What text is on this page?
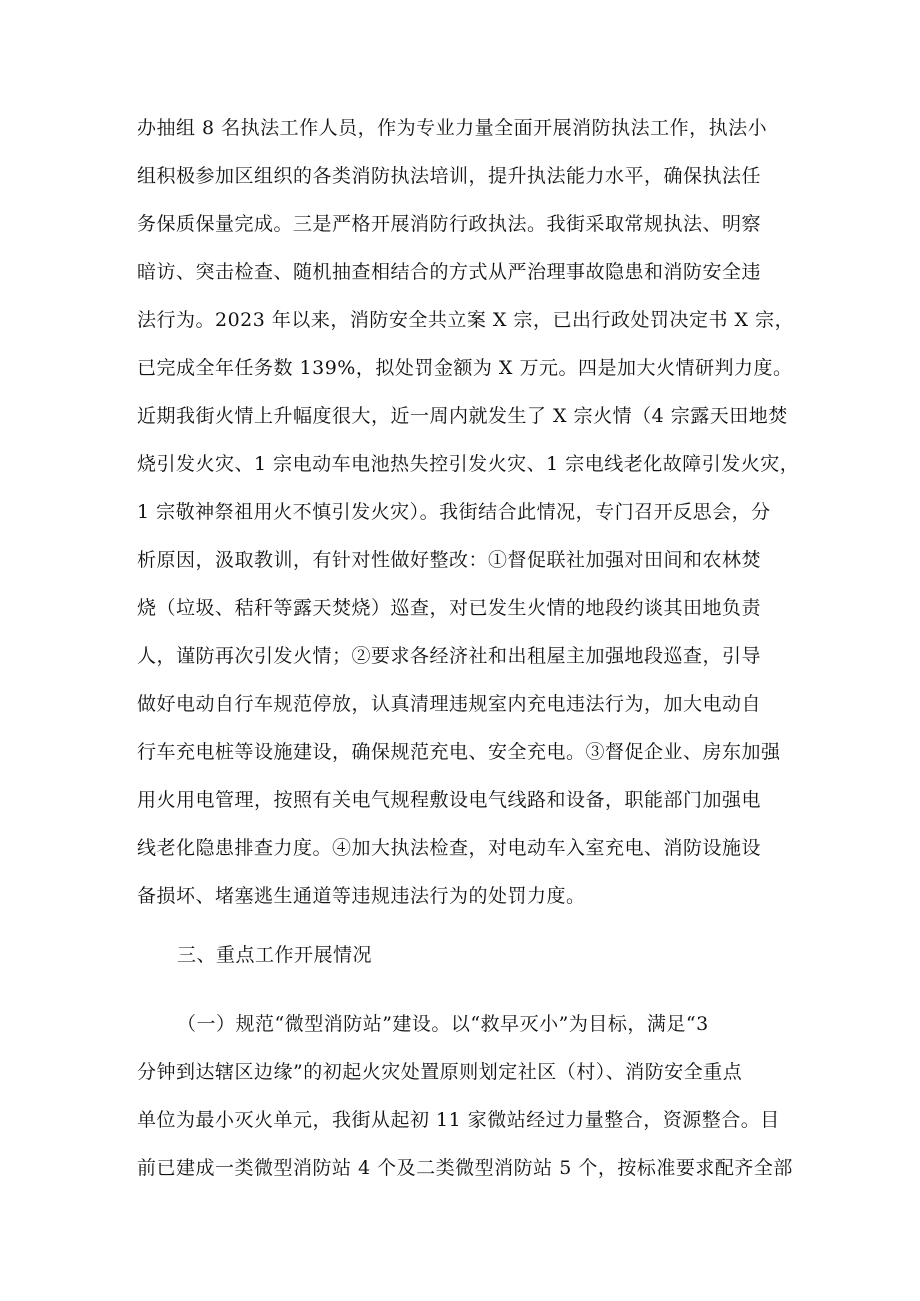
办抽组 8 名执法工作人员，作为专业力量全面开展消防执法工作，执法小
组积极参加区组织的各类消防执法培训，提升执法能力水平，确保执法任
务保质保量完成。三是严格开展消防行政执法。我街采取常规执法、明察
暗访、突击检查、随机抽查相结合的方式从严治理事故隐患和消防安全违
法行为。2023 年以来，消防安全共立案 X 宗，已出行政处罚决定书 X 宗，
已完成全年任务数 139%，拟处罚金额为 X 万元。四是加大火情研判力度。
近期我街火情上升幅度很大，近一周内就发生了 X 宗火情（4 宗露天田地焚
烧引发火灾、1 宗电动车电池热失控引发火灾、1 宗电线老化故障引发火灾，
1 宗敬神祭祖用火不慎引发火灾）。我街结合此情况，专门召开反思会，分
析原因，汲取教训，有针对性做好整改：①督促联社加强对田间和农林焚
烧（垃圾、秸秆等露天焚烧）巡查，对已发生火情的地段约谈其田地负责
人，谨防再次引发火情；②要求各经济社和出租屋主加强地段巡查，引导
做好电动自行车规范停放，认真清理违规室内充电违法行为，加大电动自
行车充电桩等设施建设，确保规范充电、安全充电。③督促企业、房东加强
用火用电管理，按照有关电气规程敷设电气线路和设备，职能部门加强电
线老化隐患排查力度。④加大执法检查，对电动车入室充电、消防设施设
备损坏、堵塞逃生通道等违规违法行为的处罚力度。
三、重点工作开展情况
（一）规范“微型消防站”建设。以“救早灭小”为目标，满足“3
分钟到达辖区边缘”的初起火灾处置原则划定社区（村）、消防安全重点
单位为最小灭火单元，我街从起初 11 家微站经过力量整合，资源整合。目
前已建成一类微型消防站 4 个及二类微型消防站 5 个，按标准要求配齐全部
